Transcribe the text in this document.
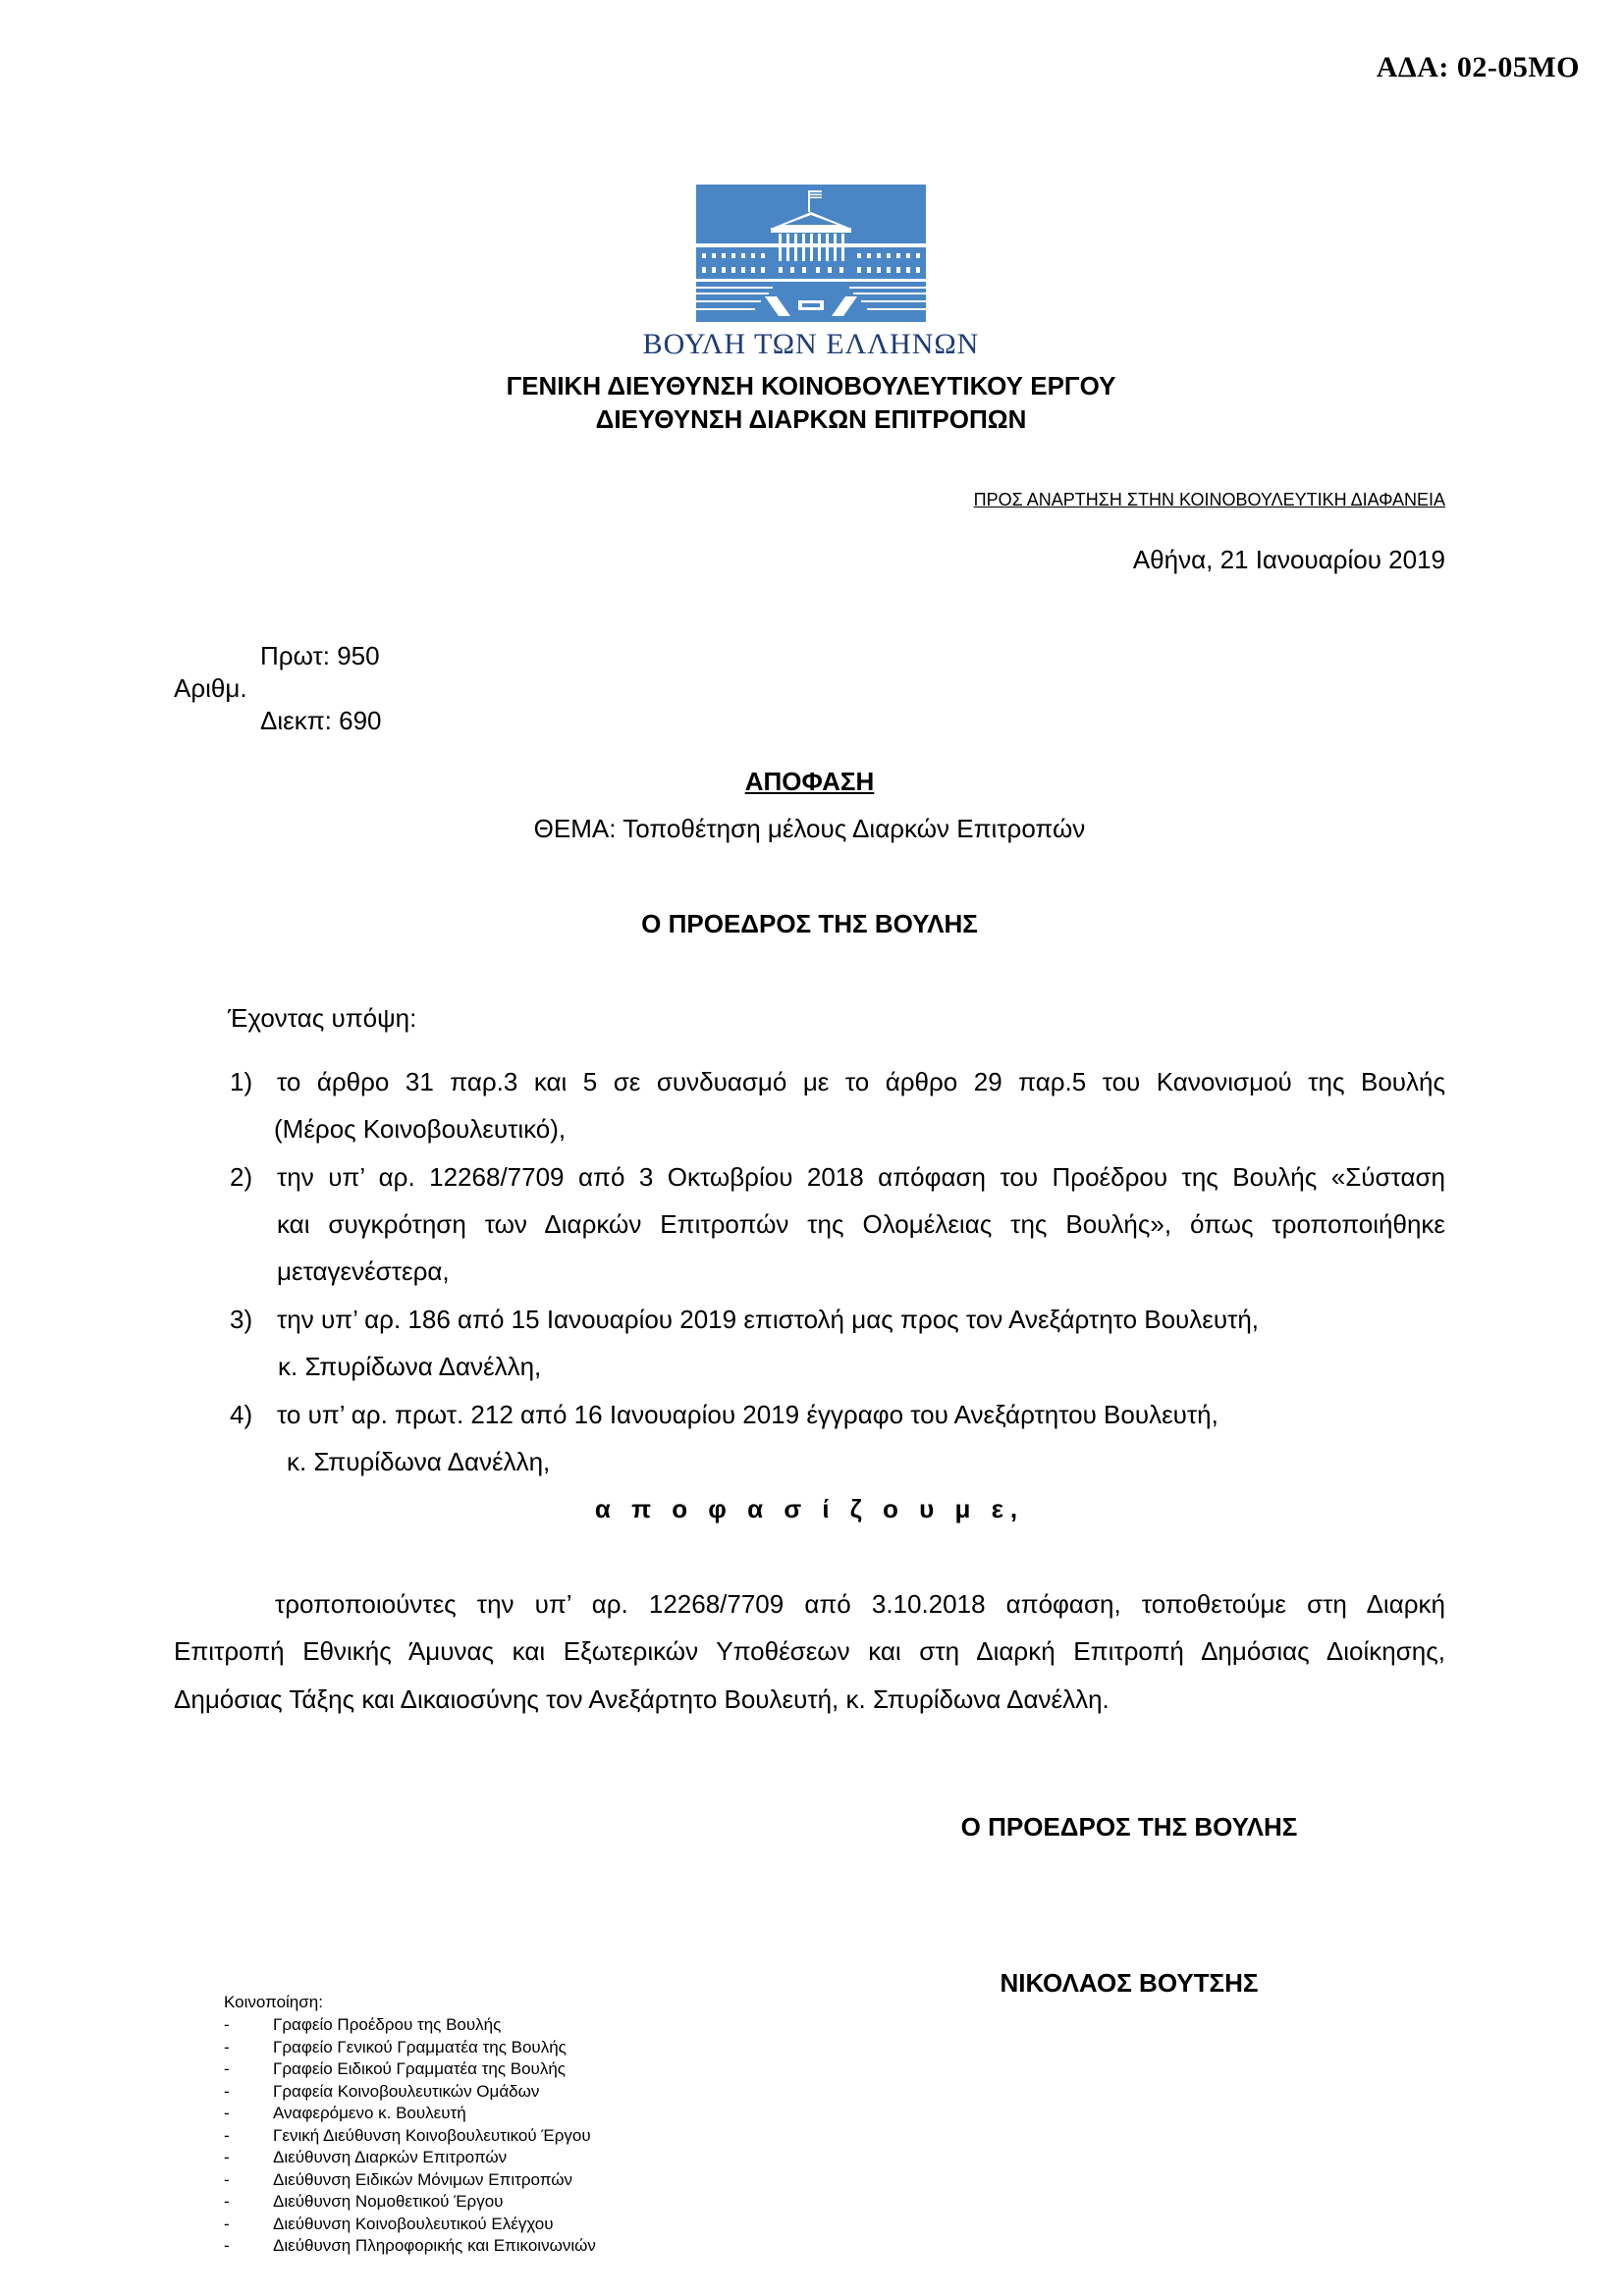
ΑΔΑ: 02-05ΜΟ
ΒΟΥΛΗ ΤΩΝ ΕΛΛΗΝΩΝ
ΓΕΝΙΚΗ ΔΙΕΥΘΥΝΣΗ ΚΟΙΝΟΒΟΥΛΕΥΤΙΚΟΥ ΕΡΓΟΥ
ΔΙΕΥΘΥΝΣΗ ΔΙΑΡΚΩΝ ΕΠΙΤΡΟΠΩΝ
ΠΡΟΣ ΑΝΑΡΤΗΣΗ ΣΤΗΝ ΚΟΙΝΟΒΟΥΛΕΥΤΙΚΗ ΔΙΑΦΑΝΕΙΑ
Αθήνα, 21 Ιανουαρίου 2019
Πρωτ: 950
Αριθμ.
Διεκπ: 690
ΑΠΟΦΑΣΗ
ΘΕΜΑ: Τοποθέτηση μέλους Διαρκών Επιτροπών
Ο ΠΡΟΕΔΡΟΣ ΤΗΣ ΒΟΥΛΗΣ
Έχοντας υπόψη:
1) το άρθρο 31 παρ.3 και 5 σε συνδυασμό με το άρθρο 29 παρ.5 του Κανονισμού της Βουλής
(Μέρος Κοινοβουλευτικό),
2) την υπ’ αρ. 12268/7709 από 3 Οκτωβρίου 2018 απόφαση του Προέδρου της Βουλής «Σύσταση
και συγκρότηση των Διαρκών Επιτροπών της Ολομέλειας της Βουλής», όπως τροποποιήθηκε
μεταγενέστερα,
3) την υπ’ αρ. 186 από 15 Ιανουαρίου 2019 επιστολή μας προς τον Ανεξάρτητο Βουλευτή,
κ. Σπυρίδωνα Δανέλλη,
4) το υπ’ αρ. πρωτ. 212 από 16 Ιανουαρίου 2019 έγγραφο του Ανεξάρτητου Βουλευτή,
κ. Σπυρίδωνα Δανέλλη,
α π ο φ α σ ί ζ ο υ μ ε,
τροποποιούντες την υπ’ αρ. 12268/7709 από 3.10.2018 απόφαση, τοποθετούμε στη Διαρκή
Επιτροπή Εθνικής Άμυνας και Εξωτερικών Υποθέσεων και στη Διαρκή Επιτροπή Δημόσιας Διοίκησης,
Δημόσιας Τάξης και Δικαιοσύνης τον Ανεξάρτητο Βουλευτή, κ. Σπυρίδωνα Δανέλλη.
Ο ΠΡΟΕΔΡΟΣ ΤΗΣ ΒΟΥΛΗΣ
ΝΙΚΟΛΑΟΣ ΒΟΥΤΣΗΣ
Κοινοποίηση:
-	Γραφείο Προέδρου της Βουλής
-	Γραφείο Γενικού Γραμματέα της Βουλής
-	Γραφείο Ειδικού Γραμματέα της Βουλής
-	Γραφεία Κοινοβουλευτικών Ομάδων
-	Αναφερόμενο κ. Βουλευτή
-	Γενική Διεύθυνση Κοινοβουλευτικού Έργου
-	Διεύθυνση Διαρκών Επιτροπών
-	Διεύθυνση Ειδικών Μόνιμων Επιτροπών
-	Διεύθυνση Νομοθετικού Έργου
-	Διεύθυνση Κοινοβουλευτικού Ελέγχου
-	Διεύθυνση Πληροφορικής και Επικοινωνιών
